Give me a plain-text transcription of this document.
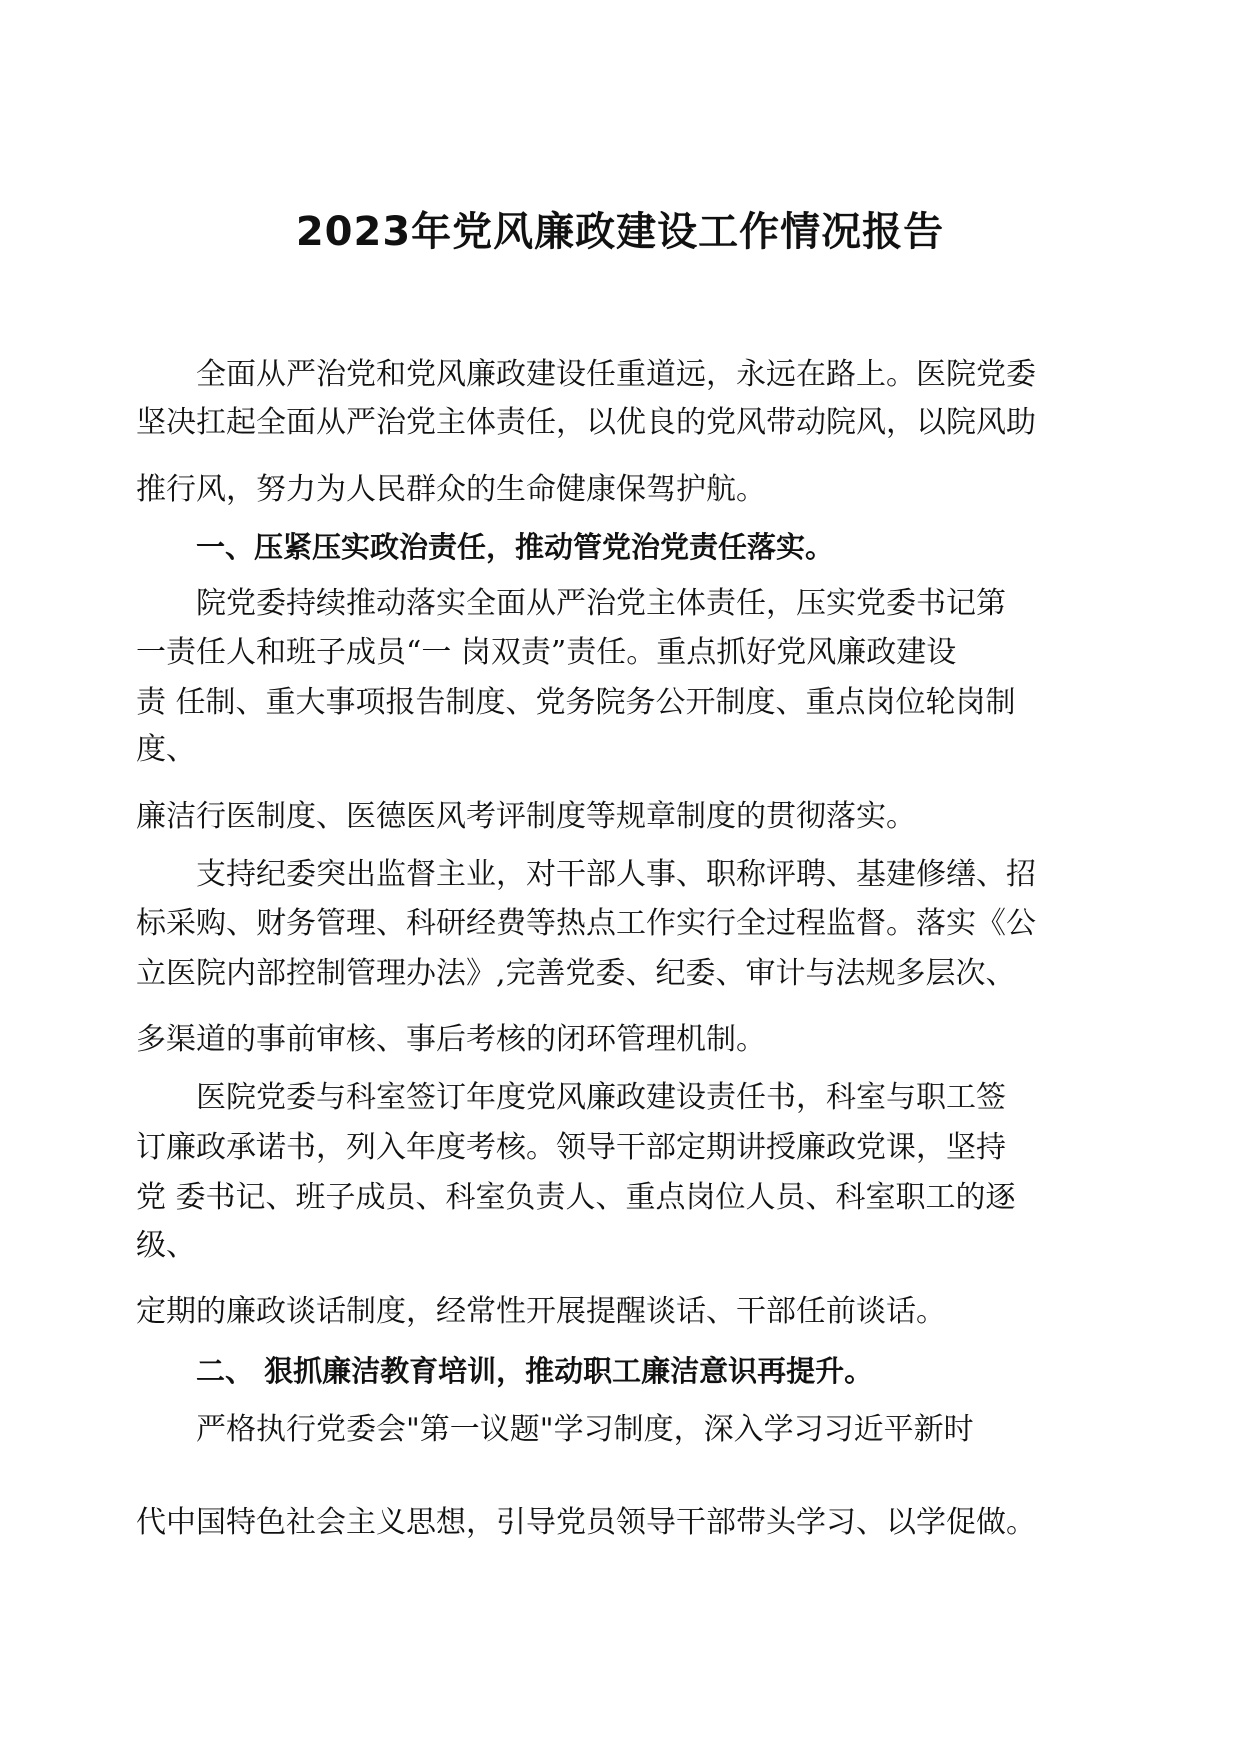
2023年党风廉政建设工作情况报告
全面从严治党和党风廉政建设任重道远，永远在路上。医院党委
坚决扛起全面从严治党主体责任，以优良的党风带动院风，以院风助
推行风，努力为人民群众的生命健康保驾护航。
一、压紧压实政治责任，推动管党治党责任落实。
院党委持续推动落实全面从严治党主体责任，压实党委书记第
一责任人和班子成员“一 岗双责”责任。重点抓好党风廉政建设
责 任制、重大事项报告制度、党务院务公开制度、重点岗位轮岗制
度、
廉洁行医制度、医德医风考评制度等规章制度的贯彻落实。
支持纪委突出监督主业，对干部人事、职称评聘、基建修缮、招
标采购、财务管理、科研经费等热点工作实行全过程监督。落实《公
立医院内部控制管理办法》,完善党委、纪委、审计与法规多层次、
多渠道的事前审核、事后考核的闭环管理机制。
医院党委与科室签订年度党风廉政建设责任书，科室与职工签
订廉政承诺书，列入年度考核。领导干部定期讲授廉政党课，坚持
党 委书记、班子成员、科室负责人、重点岗位人员、科室职工的逐
级、
定期的廉政谈话制度，经常性开展提醒谈话、干部任前谈话。
二、 狠抓廉洁教育培训，推动职工廉洁意识再提升。
严格执行党委会"第一议题"学习制度，深入学习习近平新时
代中国特色社会主义思想，引导党员领导干部带头学习、以学促做。
